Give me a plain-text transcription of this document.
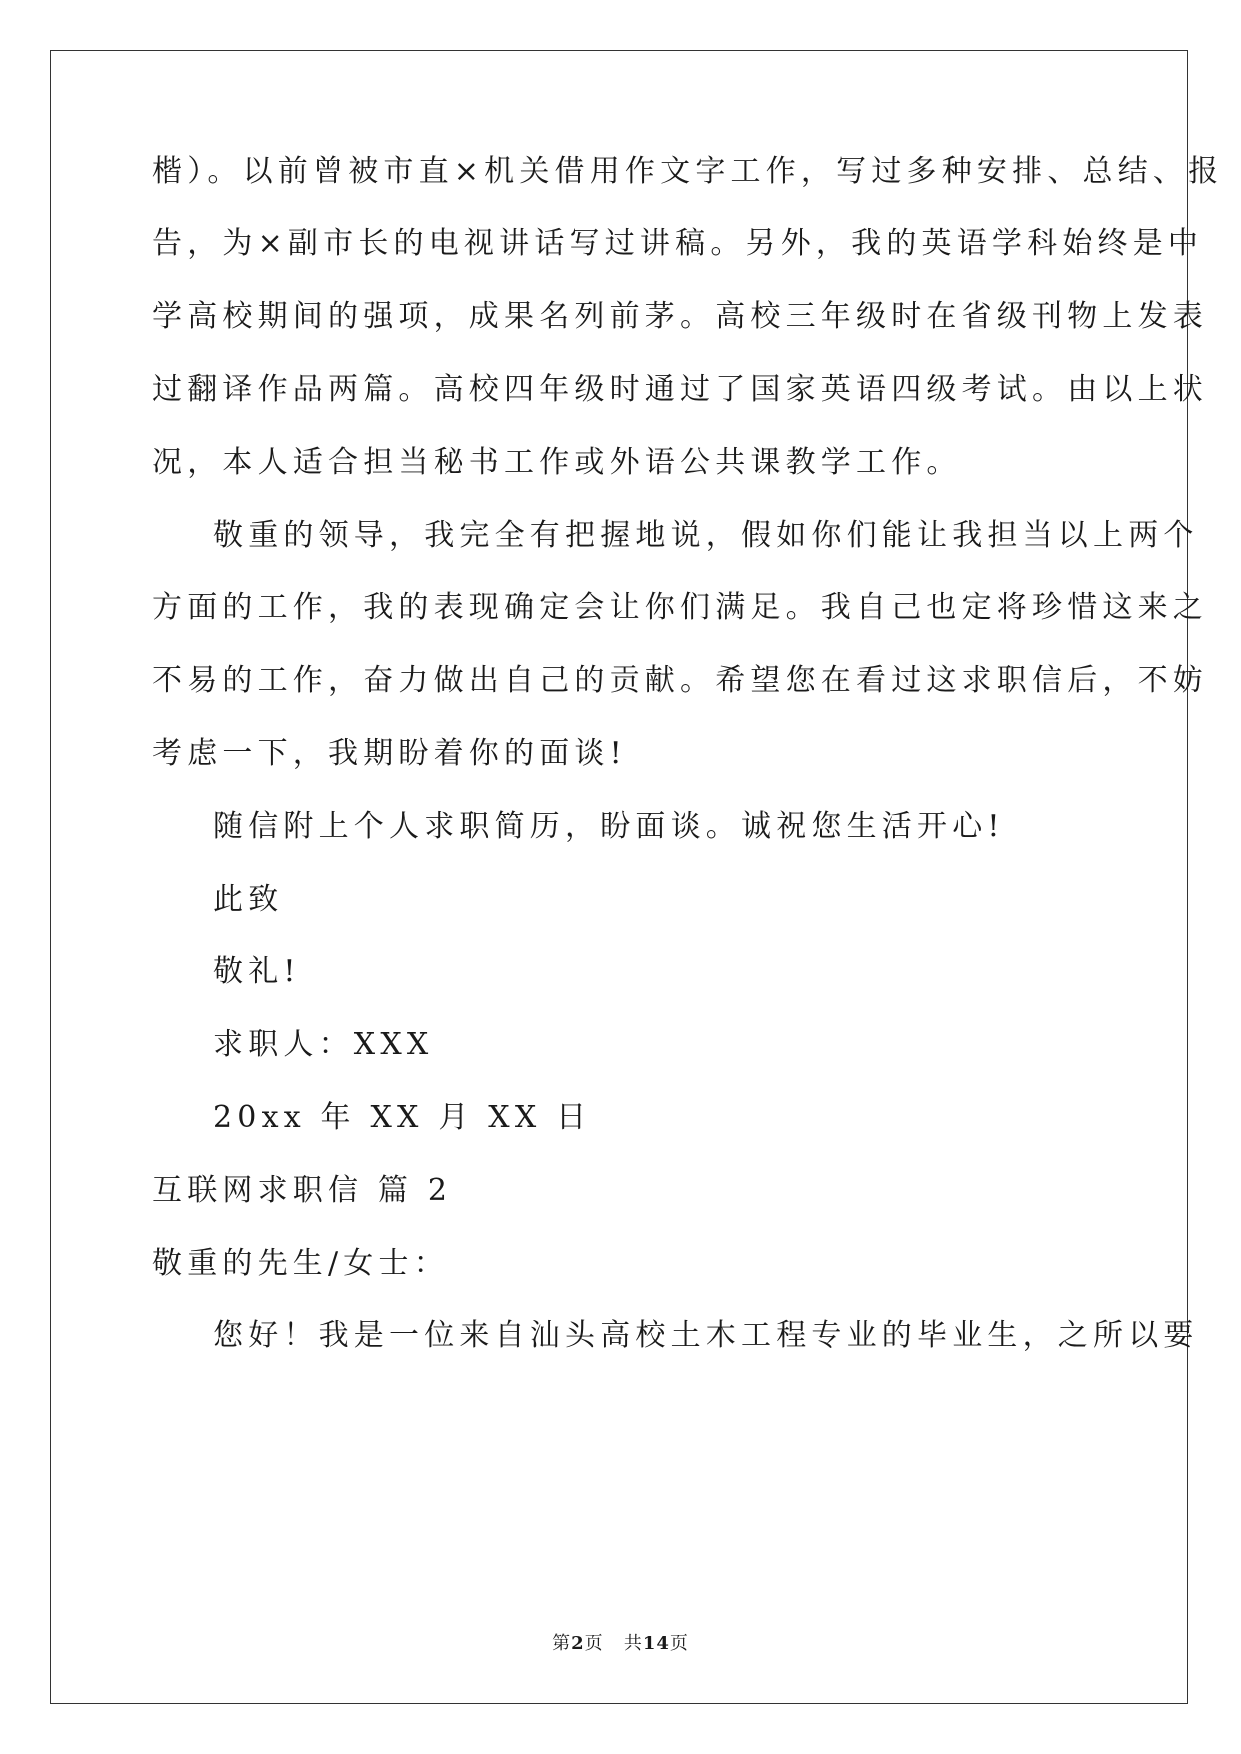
楷）。以前曾被市直×机关借用作文字工作，写过多种安排、总结、报
告，为×副市长的电视讲话写过讲稿。另外，我的英语学科始终是中
学高校期间的强项，成果名列前茅。高校三年级时在省级刊物上发表
过翻译作品两篇。高校四年级时通过了国家英语四级考试。由以上状
况，本人适合担当秘书工作或外语公共课教学工作。
敬重的领导，我完全有把握地说，假如你们能让我担当以上两个
方面的工作，我的表现确定会让你们满足。我自己也定将珍惜这来之
不易的工作，奋力做出自己的贡献。希望您在看过这求职信后，不妨
考虑一下，我期盼着你的面谈!
随信附上个人求职简历，盼面谈。诚祝您生活开心!
此致
敬礼!
求职人：XXX
20xx 年 XX 月 XX 日
互联网求职信 篇 2
敬重的先生/女士：
您好！我是一位来自汕头高校土木工程专业的毕业生，之所以要
第2页 共14页
